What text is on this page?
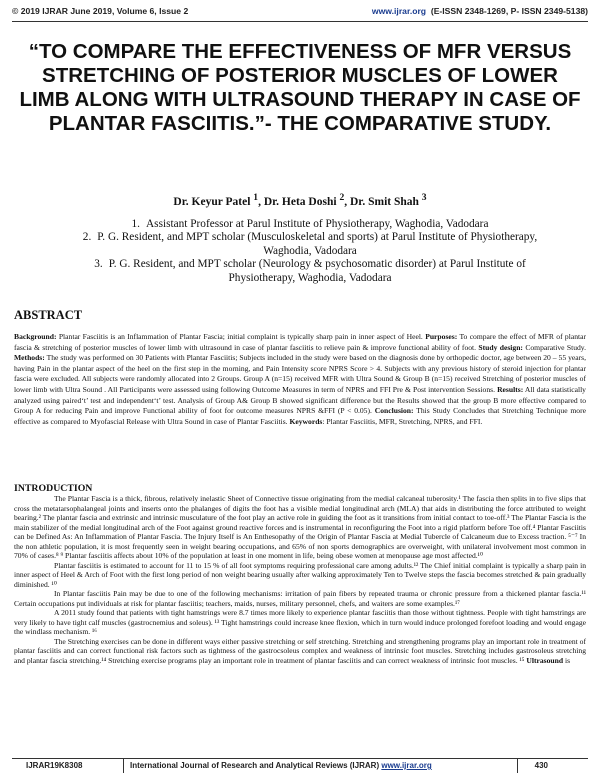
© 2019 IJRAR June 2019, Volume 6, Issue 2	www.ijrar.org (E-ISSN 2348-1269, P- ISSN 2349-5138)
“TO COMPARE THE EFFECTIVENESS OF MFR VERSUS STRETCHING OF POSTERIOR MUSCLES OF LOWER LIMB ALONG WITH ULTRASOUND THERAPY IN CASE OF PLANTAR FASCIITIS.”- THE COMPARATIVE STUDY.
Dr. Keyur Patel $^1$, Dr. Heta Doshi $^2$, Dr. Smit Shah $^3$
1. Assistant Professor at Parul Institute of Physiotherapy, Waghodia, Vadodara
2. P. G. Resident, and MPT scholar (Musculoskeletal and sports) at Parul Institute of Physiotherapy, Waghodia, Vadodara
3. P. G. Resident, and MPT scholar (Neurology & psychosomatic disorder) at Parul Institute of Physiotherapy, Waghodia, Vadodara
ABSTRACT

Background: Plantar Fasciitis is an Inflammation of Plantar Fascia; initial complaint is typically sharp pain in inner aspect of Heel. Purposes: To compare the effect of MFR of plantar fascia & stretching of posterior muscles of lower limb with ultrasound in case of plantar fasciitis to relieve pain & improve functional ability of foot. Study design: Comparative Study. Methods: The study was performed on 30 Patients with Plantar Fasciitis; Subjects included in the study were based on the diagnosis done by orthopedic doctor, age between 20 – 55 years, having Pain in the plantar aspect of the heel on the first step in the morning, and Pain Intensity score NPRS Score > 4. Subjects with any previous history of steroid injection for plantar fascia were excluded. All subjects were randomly allocated into 2 Groups. Group A (n=15) received MFR with Ultra Sound & Group B (n=15) received Stretching of posterior muscles of lower limb with Ultra Sound . All Participants were assessed using following Outcome Measures in term of NPRS and FFI Pre & Post intervention Sessions. Results: All data statistically analyzed using paired‘t’ test and independent‘t’ test. Analysis of Group A& Group B showed significant difference but the Results showed that the group B more effective compared to Group A for reducing Pain and improve Functional ability of foot for outcome measures NPRS &FFI (P < 0.05). Conclusion: This Study Concludes that Stretching Technique more effective as compared to Myofascial Release with Ultra Sound in case of Plantar Fasciitis. Keywords: Plantar Fasciitis, MFR, Stretching, NPRS, and FFI.

INTRODUCTION

The Plantar Fascia is a thick, fibrous, relatively inelastic Sheet of Connective tissue originating from the medial calcaneal tuberosity.¹ The fascia then splits in to five slips that cross the metatarsophalangeal joints and inserts onto the phalanges of digits the foot has a visible medial longitudinal arch (MLA) that aids in distributing the force attributed to weight bearing.² The plantar fascia and extrinsic and intrinsic musculature of the foot play an active role in guiding the foot as it transitions from initial contact to toe-off.³ The Plantar Fascia is the main stabilizer of the medial longitudinal arch of the Foot against ground reactive forces and is instrumental in reconfiguring the Foot into a rigid platform before Toe off.⁴ Plantar Fasciitis can be Defined As: An Inflammation of Plantar Fascia. The Injury Itself is An Enthesopathy of the Origin of Plantar Fascia at Medial Tubercle of Calcaneum due to Excess traction. ⁵⁻⁷ In the non athletic population, it is most frequently seen in weight bearing occupations, and 65% of non sports demographics are overweight, with unilateral involvement most common in 70% of cases.⁸ ⁹ Plantar fasciitis affects about 10% of the population at least in one moment in life, being obese women at menopause age most affected.¹⁰

Plantar fasciitis is estimated to account for 11 to 15 % of all foot symptoms requiring professional care among adults.¹² The Chief initial complaint is typically a sharp pain in inner aspect of Heel & Arch of Foot with the first long period of non weight bearing usually after walking approximately Ten to Twelve steps the fascia becomes stretched & pain gradually diminished. ¹⁰

In Plantar fasciitis Pain may be due to one of the following mechanisms: irritation of pain fibers by repeated trauma or chronic pressure from a thickened plantar fascia.¹¹ Certain occupations put individuals at risk for plantar fasciitis; teachers, maids, nurses, military personnel, chefs, and waiters are some examples.¹⁷

A 2011 study found that patients with tight hamstrings were 8.7 times more likely to experience plantar fasciitis than those without tightness. People with tight hamstrings are very likely to have tight calf muscles (gastrocnemius and soleus). ¹³ Tight hamstrings could increase knee flexion, which in turn would induce prolonged forefoot loading and would engage the windlass mechanism. ¹⁶

The Stretching exercises can be done in different ways either passive stretching or self stretching. Stretching and strengthening programs play an important role in treatment of plantar fasciitis and can correct functional risk factors such as tightness of the gastrocsoleus complex and weakness of intrinsic foot muscles. Stretching includes gastrosoleus stretching and plantar fascia stretching.¹⁴ Stretching exercise programs play an important role in treatment of plantar fasciitis and can correct weakness of intrinsic foot muscles. ¹⁵ Ultrasound is

IJRAR19K8308	International Journal of Research and Analytical Reviews (IJRAR) www.ijrar.org	430
